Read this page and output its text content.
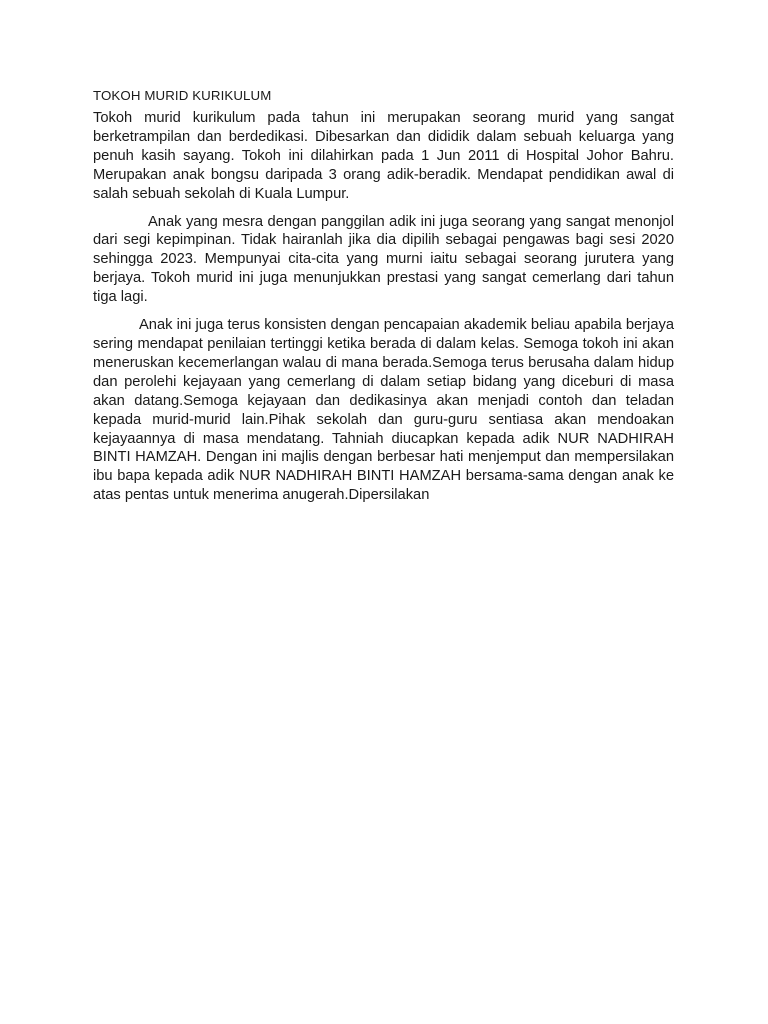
TOKOH MURID KURIKULUM

Tokoh murid kurikulum pada tahun ini merupakan seorang murid yang sangat berketrampilan dan berdedikasi. Dibesarkan dan dididik dalam sebuah keluarga yang penuh kasih sayang. Tokoh ini dilahirkan pada 1 Jun 2011 di Hospital Johor Bahru. Merupakan anak bongsu daripada 3 orang adik-beradik. Mendapat pendidikan awal di salah sebuah sekolah di Kuala Lumpur.

Anak yang mesra dengan panggilan adik ini juga seorang yang sangat menonjol dari segi kepimpinan. Tidak hairanlah jika dia dipilih sebagai pengawas bagi sesi 2020 sehingga 2023. Mempunyai cita-cita yang murni iaitu sebagai seorang jurutera yang berjaya. Tokoh murid ini juga menunjukkan prestasi yang sangat cemerlang dari tahun tiga lagi.

Anak ini juga terus konsisten dengan pencapaian akademik beliau apabila berjaya sering mendapat penilaian tertinggi ketika berada di dalam kelas. Semoga tokoh ini akan meneruskan kecemerlangan walau di mana berada.Semoga terus berusaha dalam hidup dan perolehi kejayaan yang cemerlang di dalam setiap bidang yang diceburi di masa akan datang.Semoga kejayaan dan dedikasinya akan menjadi contoh dan teladan kepada murid-murid lain.Pihak sekolah dan guru-guru sentiasa akan mendoakan kejayaannya di masa mendatang. Tahniah diucapkan kepada adik NUR NADHIRAH BINTI HAMZAH. Dengan ini majlis dengan berbesar hati menjemput dan mempersilakan ibu bapa kepada adik NUR NADHIRAH BINTI HAMZAH bersama-sama dengan anak ke atas pentas untuk menerima anugerah.Dipersilakan
